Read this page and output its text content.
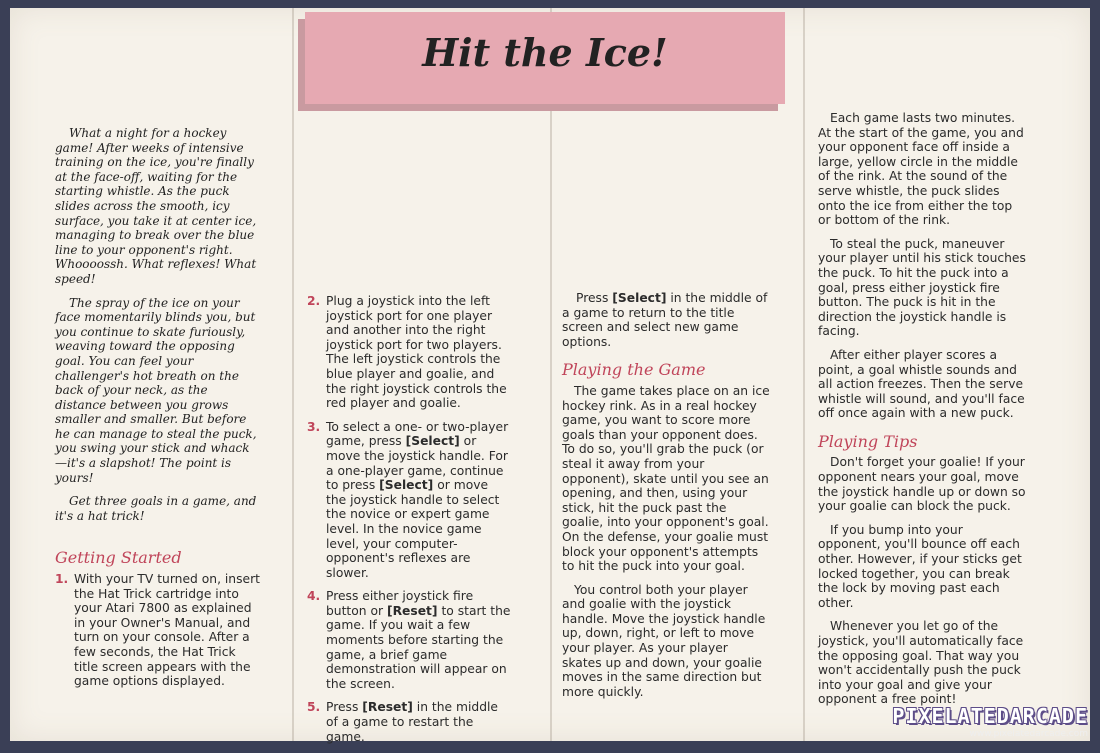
Hit the Ice!

What a night for a hockey game! After weeks of intensive training on the ice, you're finally at the face-off, waiting for the starting whistle. As the puck slides across the smooth, icy surface, you take it at center ice, managing to break over the blue line to your opponent's right. Whoooossh. What reflexes! What speed!

The spray of the ice on your face momentarily blinds you, but you continue to skate furiously, weaving toward the opposing goal. You can feel your challenger's hot breath on the back of your neck, as the distance between you grows smaller and smaller. But before he can manage to steal the puck, you swing your stick and whack—it's a slapshot! The point is yours!

Get three goals in a game, and it's a hat trick!

Getting Started
1. With your TV turned on, insert the Hat Trick cartridge into your Atari 7800 as explained in your Owner's Manual, and turn on your console. After a few seconds, the Hat Trick title screen appears with the game options displayed.
2. Plug a joystick into the left joystick port for one player and another into the right joystick port for two players. The left joystick controls the blue player and goalie, and the right joystick controls the red player and goalie.
3. To select a one- or two-player game, press [Select] or move the joystick handle. For a one-player game, continue to press [Select] or move the joystick handle to select the novice or expert game level. In the novice game level, your computer-opponent's reflexes are slower.
4. Press either joystick fire button or [Reset] to start the game. If you wait a few moments before starting the game, a brief game demonstration will appear on the screen.
5. Press [Reset] in the middle of a game to restart the game.

Press [Select] in the middle of a game to return to the title screen and select new game options.

Playing the Game

The game takes place on an ice hockey rink. As in a real hockey game, you want to score more goals than your opponent does. To do so, you'll grab the puck (or steal it away from your opponent), skate until you see an opening, and then, using your stick, hit the puck past the goalie, into your opponent's goal. On the defense, your goalie must block your opponent's attempts to hit the puck into your goal.

You control both your player and goalie with the joystick handle. Move the joystick handle up, down, right, or left to move your player. As your player skates up and down, your goalie moves in the same direction but more quickly.

Each game lasts two minutes. At the start of the game, you and your opponent face off inside a large, yellow circle in the middle of the rink. At the sound of the serve whistle, the puck slides onto the ice from either the top or bottom of the rink.

To steal the puck, maneuver your player until his stick touches the puck. To hit the puck into a goal, press either joystick fire button. The puck is hit in the direction the joystick handle is facing.

After either player scores a point, a goal whistle sounds and all action freezes. Then the serve whistle will sound, and you'll face off once again with a new puck.

Playing Tips

Don't forget your goalie! If your opponent nears your goal, move the joystick handle up or down so your goalie can block the puck.

If you bump into your opponent, you'll bounce off each other. However, if your sticks get locked together, you can break the lock by moving past each other.

Whenever you let go of the joystick, you'll automatically face the opposing goal. That way you won't accidentally push the puck into your goal and give your opponent a free point!

PIXELATEDARCADE
www.pixelatedarcade.com
